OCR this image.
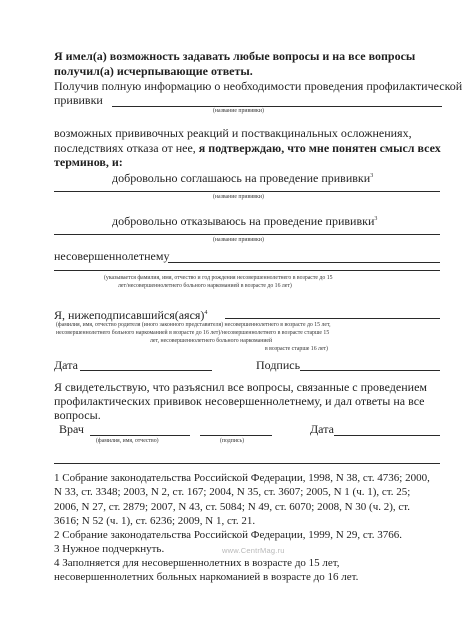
Я имел(а) возможность задавать любые вопросы и на все вопросы
получил(а) исчерпывающие ответы.
Получив полную информацию о необходимости проведения профилактической
прививки
(название прививки)
возможных прививочных реакций и поствакцинальных осложнениях,
последствиях отказа от нее, я подтверждаю, что мне понятен смысл всех
терминов, и:
добровольно соглашаюсь на проведение прививки$^3$
(название прививки)
добровольно отказываюсь на проведение прививки$^3$
(название прививки)
несовершеннолетнему
(указывается фамилия, имя, отчество и год рождения несовершеннолетнего в возрасте до 15
лет/несовершеннолетнего больного наркоманией в возрасте до 16 лет)
Я, нижеподписавшийся(аяся)$^4$
(фамилия, имя, отчество родителя (иного законного представителя) несовершеннолетнего в возрасте до 15 лет,
несовершеннолетнего больного наркоманией в возрасте до 16 лет)/несовершеннолетнего в возрасте старше 15
лет, несовершеннолетнего больного наркоманией
в возрасте старше 16 лет)
Дата	Подпись
Я свидетельствую, что разъяснил все вопросы, связанные с проведением
профилактических прививок несовершеннолетнему, и дал ответы на все
вопросы.
Врач	Дата
(фамилия, имя, отчество)	(подпись)
1 Собрание законодательства Российской Федерации, 1998, N 38, ст. 4736; 2000,
N 33, ст. 3348; 2003, N 2, ст. 167; 2004, N 35, ст. 3607; 2005, N 1 (ч. 1), ст. 25;
2006, N 27, ст. 2879; 2007, N 43, ст. 5084; N 49, ст. 6070; 2008, N 30 (ч. 2), ст.
3616; N 52 (ч. 1), ст. 6236; 2009, N 1, ст. 21.
2 Собрание законодательства Российской Федерации, 1999, N 29, ст. 3766.
3 Нужное подчеркнуть.	www.CentrMag.ru
4 Заполняется для несовершеннолетних в возрасте до 15 лет,
несовершеннолетних больных наркоманией в возрасте до 16 лет.
